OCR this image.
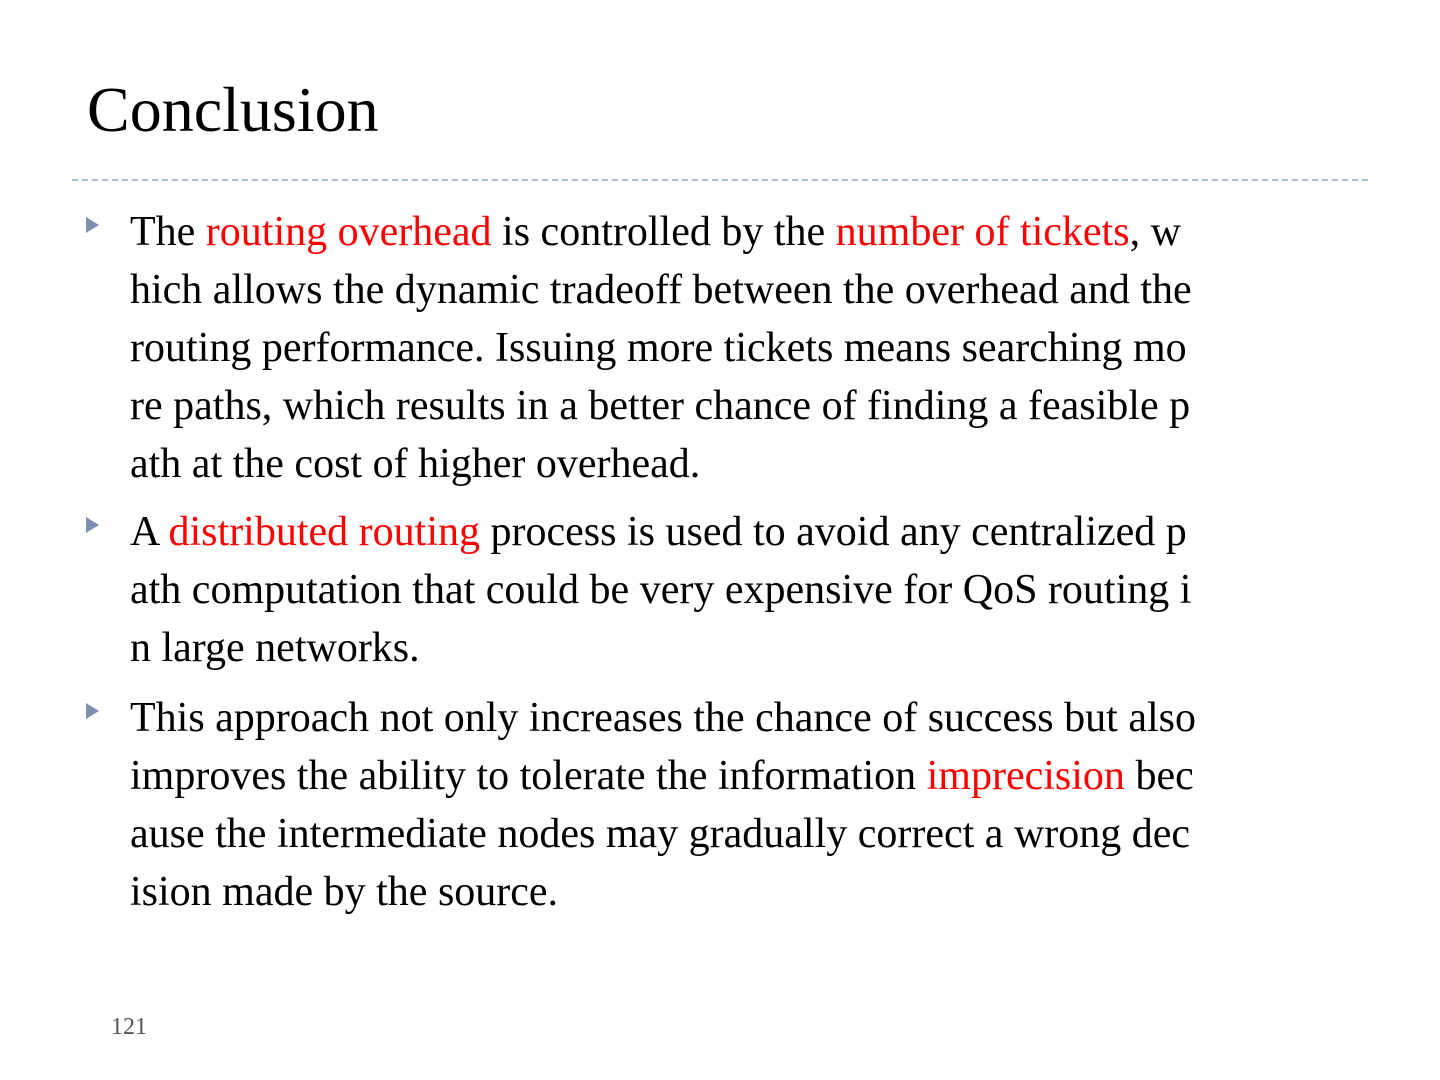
Conclusion

The routing overhead is controlled by the number of tickets, w
hich allows the dynamic tradeoff between the overhead and the
routing performance. Issuing more tickets means searching mo
re paths, which results in a better chance of finding a feasible p
ath at the cost of higher overhead.

A distributed routing process is used to avoid any centralized p
ath computation that could be very expensive for QoS routing i
n large networks.

This approach not only increases the chance of success but also
improves the ability to tolerate the information imprecision bec
ause the intermediate nodes may gradually correct a wrong dec
ision made by the source.

121
